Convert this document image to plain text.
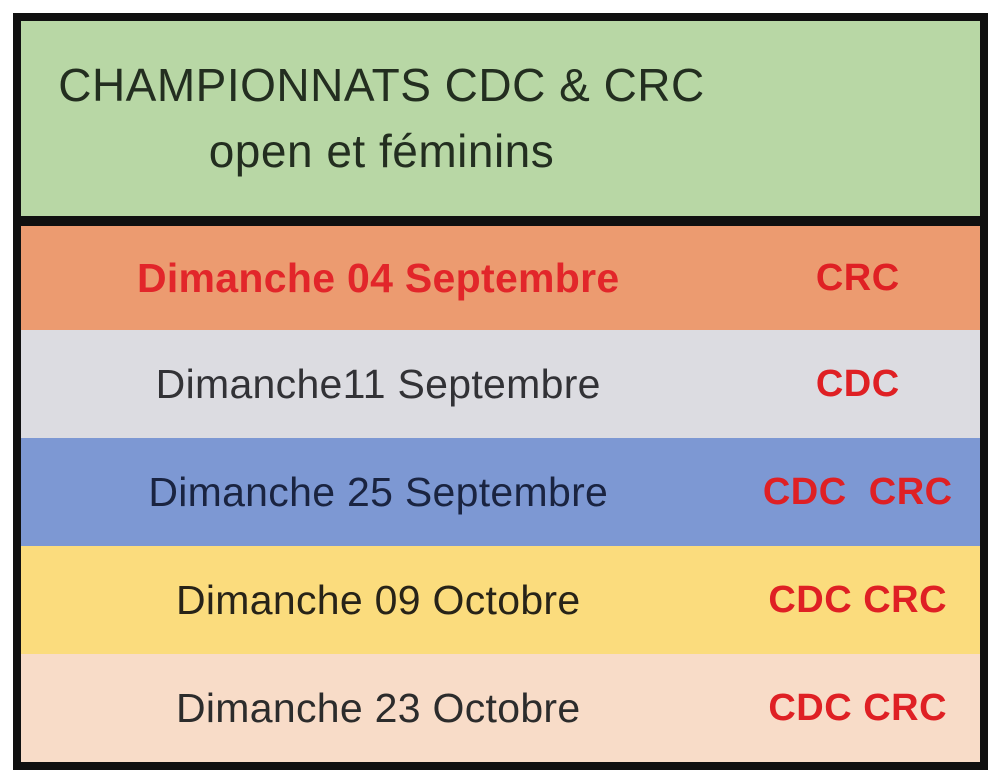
CHAMPIONNATS CDC & CRC
open et féminins
Dimanche 04 Septembre	CRC
Dimanche11 Septembre	CDC
Dimanche 25 Septembre	CDC  CRC
Dimanche 09 Octobre	CDC CRC
Dimanche 23 Octobre	CDC CRC
